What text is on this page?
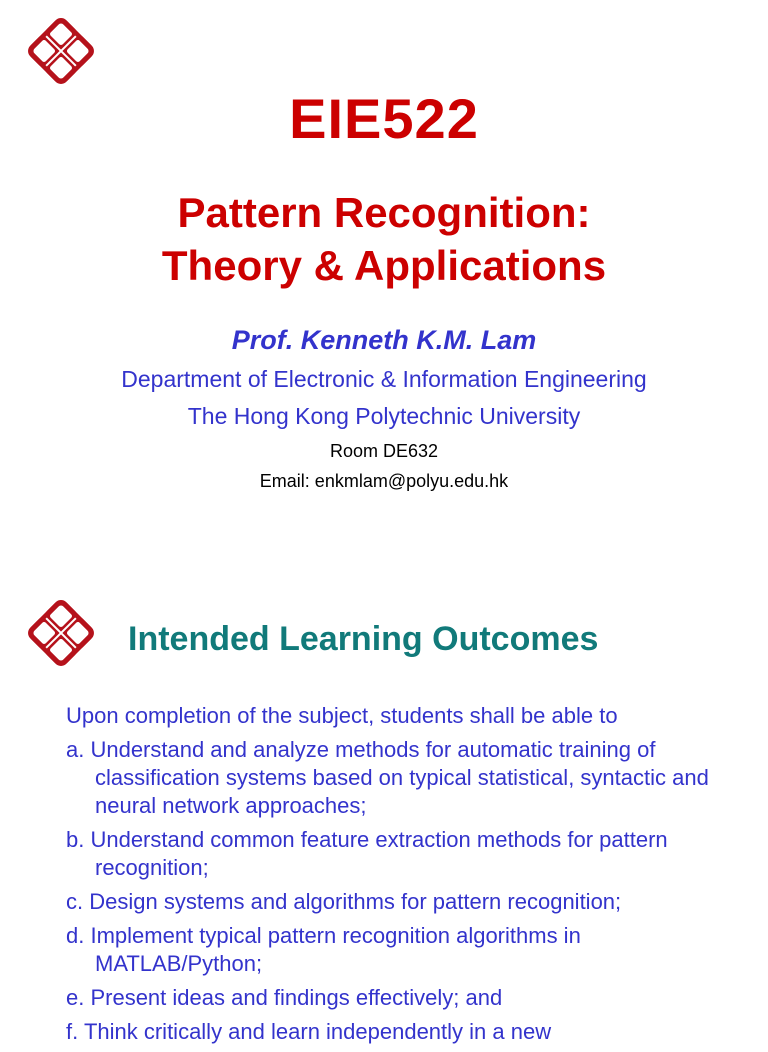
EIE522
Pattern Recognition:
Theory & Applications
Prof. Kenneth K.M. Lam
Department of Electronic & Information Engineering
The Hong Kong Polytechnic University
Room DE632
Email: enkmlam@polyu.edu.hk
Intended Learning Outcomes

Upon completion of the subject, students shall be able to

a. Understand and analyze methods for automatic training of classification systems based on typical statistical, syntactic and neural network approaches;

b. Understand common feature extraction methods for pattern recognition;

c. Design systems and algorithms for pattern recognition;

d. Implement typical pattern recognition algorithms in MATLAB/Python;

e. Present ideas and findings effectively; and

f. Think critically and learn independently in a new
